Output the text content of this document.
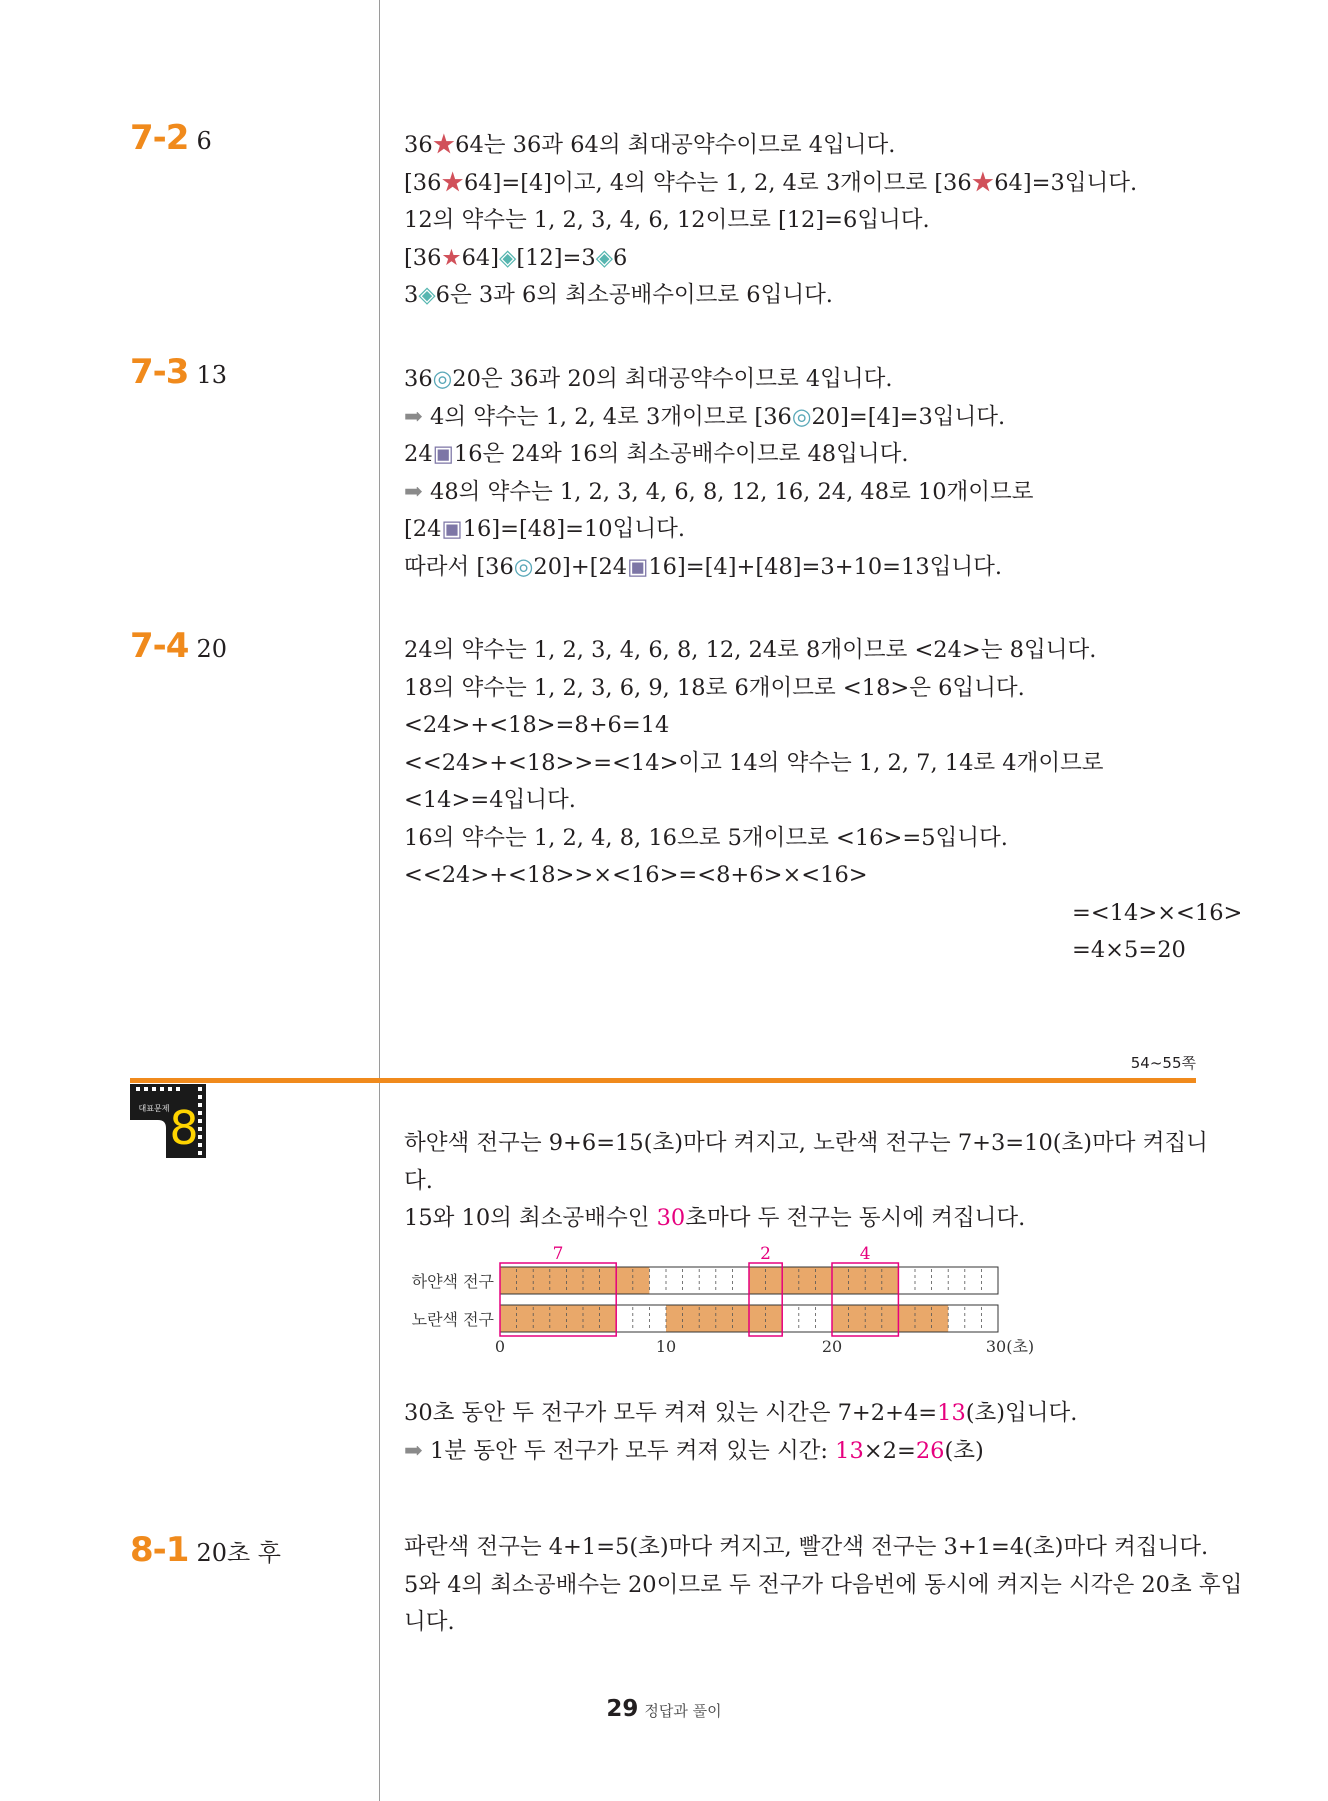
7-2 6	36★64는 36과 64의 최대공약수이므로 4입니다.
[36★64]=[4]이고, 4의 약수는 1, 2, 4로 3개이므로 [36★64]=3입니다.
12의 약수는 1, 2, 3, 4, 6, 12이므로 [12]=6입니다.
[36★64]◈[12]=3◈6
3◈6은 3과 6의 최소공배수이므로 6입니다.
7-3 13	36◎20은 36과 20의 최대공약수이므로 4입니다.
➡ 4의 약수는 1, 2, 4로 3개이므로 [36◎20]=[4]=3입니다.
24▣16은 24와 16의 최소공배수이므로 48입니다.
➡ 48의 약수는 1, 2, 3, 4, 6, 8, 12, 16, 24, 48로 10개이므로
[24▣16]=[48]=10입니다.
따라서 [36◎20]+[24▣16]=[4]+[48]=3+10=13입니다.
7-4 20	24의 약수는 1, 2, 3, 4, 6, 8, 12, 24로 8개이므로 <24>는 8입니다.
18의 약수는 1, 2, 3, 6, 9, 18로 6개이므로 <18>은 6입니다.
<24>+<18>=8+6=14
<<24>+<18>>=<14>이고 14의 약수는 1, 2, 7, 14로 4개이므로
<14>=4입니다.
16의 약수는 1, 2, 4, 8, 16으로 5개이므로 <16>=5입니다.
<<24>+<18>>×<16>=<8+6>×<16>
=<14>×<16>
=4×5=20
54~55쪽
대표문제 8	하얀색 전구는 9+6=15(초)마다 켜지고, 노란색 전구는 7+3=10(초)마다 켜집니
다.
15와 10의 최소공배수인 30초마다 두 전구는 동시에 켜집니다.
하얀색 전구
노란색 전구
7	2	4
0	10	20	30(초)
30초 동안 두 전구가 모두 켜져 있는 시간은 7+2+4=13(초)입니다.
➡ 1분 동안 두 전구가 모두 켜져 있는 시간: 13×2=26(초)
8-1 20초 후	파란색 전구는 4+1=5(초)마다 켜지고, 빨간색 전구는 3+1=4(초)마다 켜집니다.
5와 4의 최소공배수는 20이므로 두 전구가 다음번에 동시에 켜지는 시각은 20초 후입
니다.
29 정답과 풀이
